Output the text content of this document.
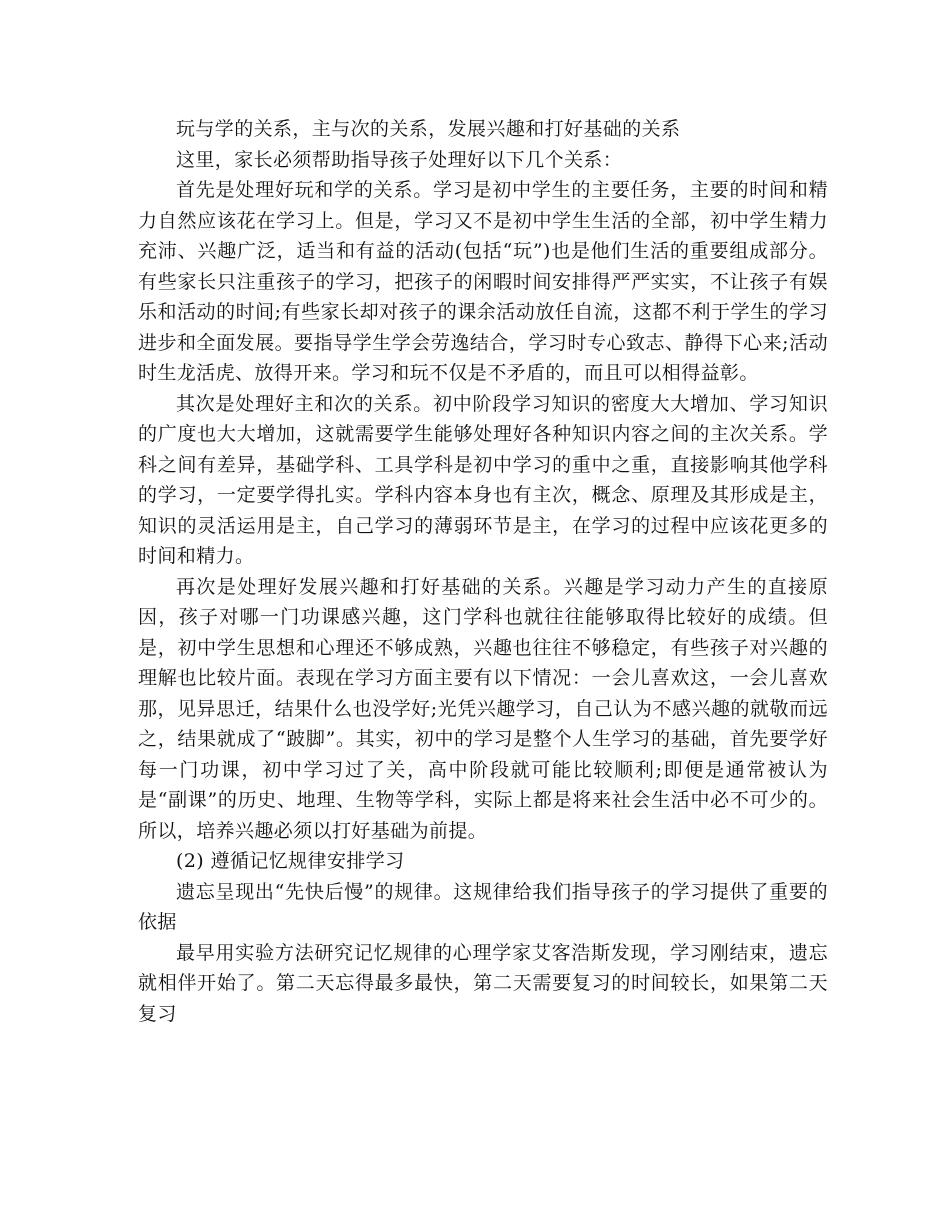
玩与学的关系，主与次的关系，发展兴趣和打好基础的关系

这里，家长必须帮助指导孩子处理好以下几个关系：

首先是处理好玩和学的关系。学习是初中学生的主要任务，主要的时间和精力自然应该花在学习上。但是，学习又不是初中学生生活的全部，初中学生精力充沛、兴趣广泛，适当和有益的活动(包括“玩”)也是他们生活的重要组成部分。有些家长只注重孩子的学习，把孩子的闲暇时间安排得严严实实，不让孩子有娱乐和活动的时间;有些家长却对孩子的课余活动放任自流，这都不利于学生的学习进步和全面发展。要指导学生学会劳逸结合，学习时专心致志、静得下心来;活动时生龙活虎、放得开来。学习和玩不仅是不矛盾的，而且可以相得益彰。

其次是处理好主和次的关系。初中阶段学习知识的密度大大增加、学习知识的广度也大大增加，这就需要学生能够处理好各种知识内容之间的主次关系。学科之间有差异，基础学科、工具学科是初中学习的重中之重，直接影响其他学科的学习，一定要学得扎实。学科内容本身也有主次，概念、原理及其形成是主，知识的灵活运用是主，自己学习的薄弱环节是主，在学习的过程中应该花更多的时间和精力。

再次是处理好发展兴趣和打好基础的关系。兴趣是学习动力产生的直接原因，孩子对哪一门功课感兴趣，这门学科也就往往能够取得比较好的成绩。但是，初中学生思想和心理还不够成熟，兴趣也往往不够稳定，有些孩子对兴趣的理解也比较片面。表现在学习方面主要有以下情况：一会儿喜欢这，一会儿喜欢那，见异思迁，结果什么也没学好;光凭兴趣学习，自己认为不感兴趣的就敬而远之，结果就成了“跛脚”。其实，初中的学习是整个人生学习的基础，首先要学好每一门功课，初中学习过了关，高中阶段就可能比较顺利;即便是通常被认为是“副课”的历史、地理、生物等学科，实际上都是将来社会生活中必不可少的。所以，培养兴趣必须以打好基础为前提。

(2) 遵循记忆规律安排学习

遗忘呈现出“先快后慢”的规律。这规律给我们指导孩子的学习提供了重要的依据

最早用实验方法研究记忆规律的心理学家艾客浩斯发现，学习刚结束，遗忘就相伴开始了。第二天忘得最多最快，第二天需要复习的时间较长，如果第二天复习
